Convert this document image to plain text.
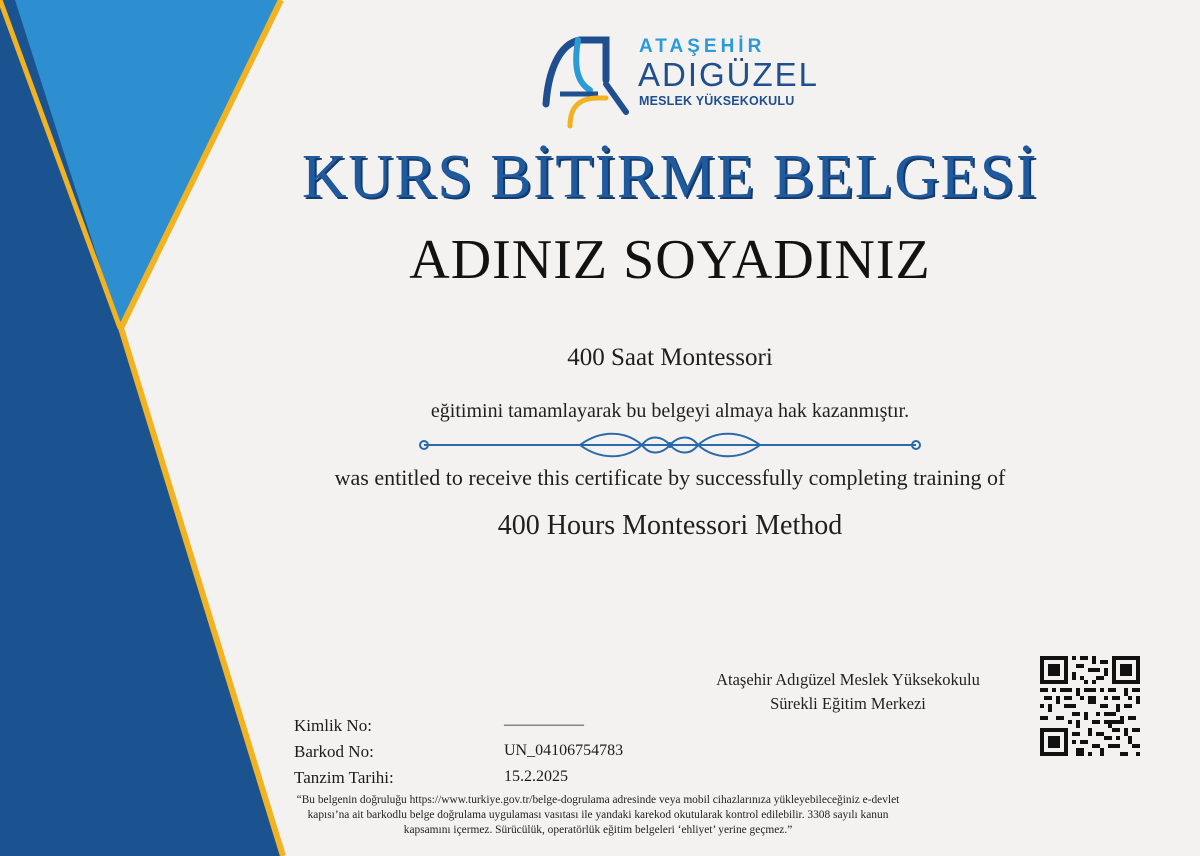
ATAŞEHİR
ADIGÜZEL
MESLEK YÜKSEKOKULU
KURS BİTİRME BELGESİ
ADINIZ SOYADINIZ
400 Saat Montessori
eğitimini tamamlayarak bu belgeyi almaya hak kazanmıştır.
was entitled to receive this certificate by successfully completing training of
400 Hours Montessori Method
Ataşehir Adıgüzel Meslek Yüksekokulu
Sürekli Eğitim Merkezi
Kimlik No:	—————
Barkod No:	UN_04106754783
Tanzim Tarihi:	15.2.2025
“Bu belgenin doğruluğu https://www.turkiye.gov.tr/belge-dogrulama adresinde veya mobil cihazlarınıza yükleyebileceğiniz e-devlet kapısı’na ait barkodlu belge doğrulama uygulaması vasıtası ile yandaki karekod okutularak kontrol edilebilir. 3308 sayılı kanun kapsamını içermez. Sürücülük, operatörlük eğitim belgeleri ‘ehliyet’ yerine geçmez.”
